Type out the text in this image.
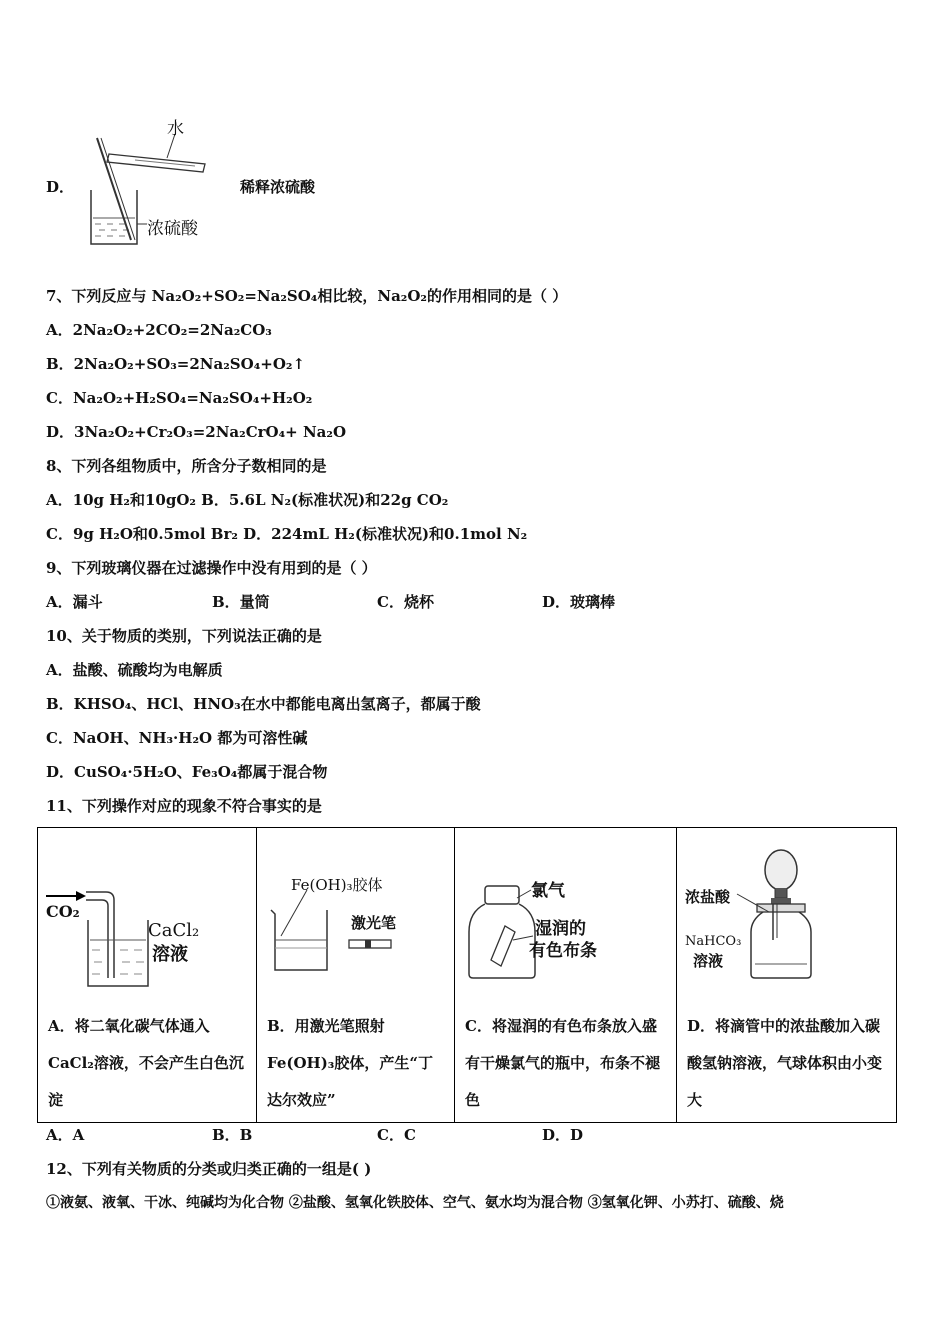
D．
水
浓硫酸
稀释浓硫酸
7、下列反应与 Na₂O₂+SO₂=Na₂SO₄相比较，Na₂O₂的作用相同的是（ ）
A．2Na₂O₂+2CO₂=2Na₂CO₃
B．2Na₂O₂+SO₃=2Na₂SO₄+O₂↑
C．Na₂O₂+H₂SO₄=Na₂SO₄+H₂O₂
D．3Na₂O₂+Cr₂O₃=2Na₂CrO₄+ Na₂O
8、下列各组物质中，所含分子数相同的是
A．10g H₂和10gO₂ B．5.6L N₂(标准状况)和22g CO₂
C．9g H₂O和0.5mol Br₂ D．224mL H₂(标准状况)和0.1mol N₂
9、下列玻璃仪器在过滤操作中没有用到的是（ ）
A．漏斗	B．量筒	C．烧杯	D．玻璃棒
10、关于物质的类别，下列说法正确的是
A．盐酸、硫酸均为电解质
B．KHSO₄、HCl、HNO₃在水中都能电离出氢离子，都属于酸
C．NaOH、NH₃·H₂O 都为可溶性碱
D．CuSO₄·5H₂O、Fe₃O₄都属于混合物
11、下列操作对应的现象不符合事实的是
CO₂
CaCl₂
溶液
A．将二氧化碳气体通入CaCl₂溶液，不会产生白色沉淀

Fe(OH)₃胶体
激光笔
B．用激光笔照射Fe(OH)₃胶体，产生“丁达尔效应”

氯气
湿润的
有色布条
C．将湿润的有色布条放入盛有干燥氯气的瓶中，布条不褪色

浓盐酸
NaHCO₃
溶液
D．将滴管中的浓盐酸加入碳酸氢钠溶液，气球体积由小变大
A．A	B．B	C．C	D．D
12、下列有关物质的分类或归类正确的一组是( )
①液氨、液氧、干冰、纯碱均为化合物 ②盐酸、氢氧化铁胶体、空气、氨水均为混合物 ③氢氧化钾、小苏打、硫酸、烧
